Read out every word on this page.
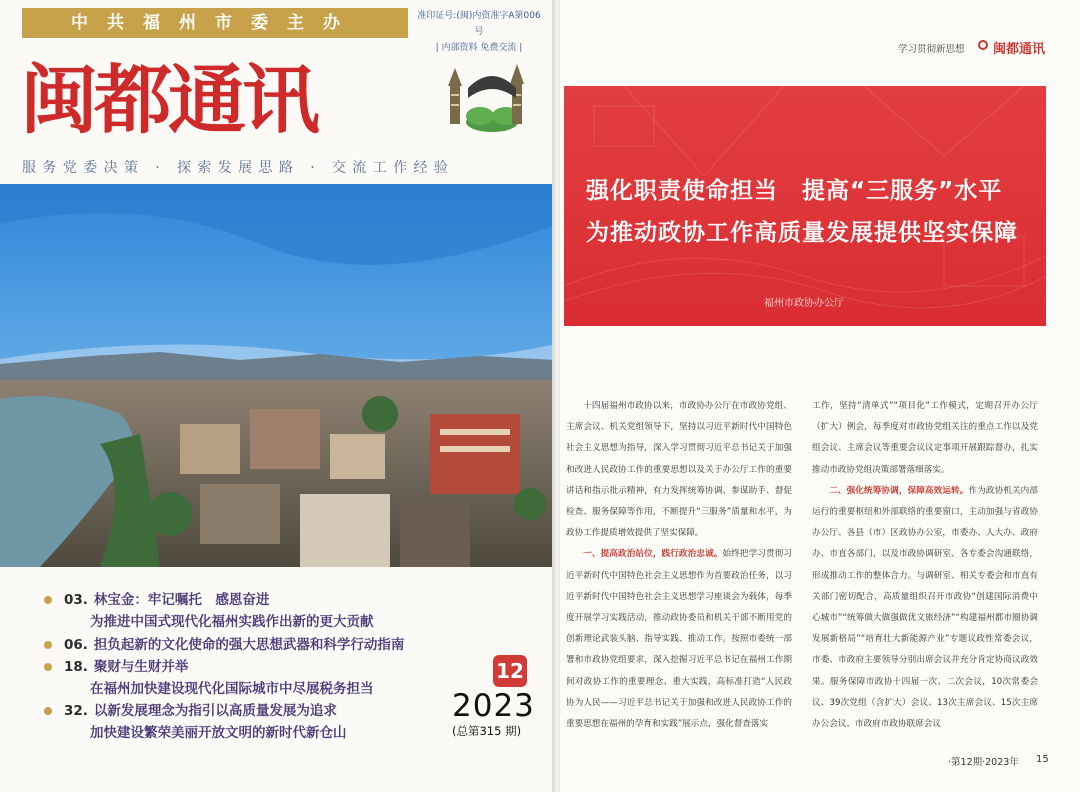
中共福州市委主办	准印证号:(闽)内资准字A第006号
| 内部资料 免费交流 |
闽都通讯
服务党委决策 · 探索发展思路 · 交流工作经验
03. 林宝金：牢记嘱托　感恩奋进
为推进中国式现代化福州实践作出新的更大贡献
06. 担负起新的文化使命的强大思想武器和科学行动指南
18. 聚财与生财并举
在福州加快建设现代化国际城市中尽展税务担当
32. 以新发展理念为指引以高质量发展为追求
加快建设繁荣美丽开放文明的新时代新仓山
12
2023
(总第315 期)
学习贯彻新思想 ○ 闽都通讯
强化职责使命担当　提高“三服务”水平
为推动政协工作高质量发展提供坚实保障
福州市政协办公厅

十四届福州市政协以来，市政协办公厅在市政协党组、主席会议、机关党组领导下，坚持以习近平新时代中国特色社会主义思想为指导，深入学习贯彻习近平总书记关于加强和改进人民政协工作的重要思想以及关于办公厅工作的重要讲话和指示批示精神，有力发挥统筹协调、参谋助手、督促检查、服务保障等作用，不断提升“三服务”质量和水平，为政协工作提质增效提供了坚实保障。

一、提高政治站位，践行政治忠诚。始终把学习贯彻习近平新时代中国特色社会主义思想作为首要政治任务，以习近平新时代中国特色社会主义思想学习座谈会为载体，每季度开展学习实践活动，推动政协委员和机关干部不断用党的创新理论武装头脑、指导实践、推动工作。按照市委统一部署和市政协党组要求，深入挖掘习近平总书记在福州工作期间对政协工作的重要理念、重大实践，高标准打造“人民政协为人民——习近平总书记关于加强和改进人民政协工作的重要思想在福州的孕育和实践”展示点，强化督查落实

工作，坚持“清单式”“项目化”工作模式，定期召开办公厅（扩大）例会，每季度对市政协党组关注的重点工作以及党组会议、主席会议等重要会议议定事项开展跟踪督办，扎实推动市政协党组决策部署落细落实。

二、强化统筹协调，保障高效运转。作为政协机关内部运行的重要枢纽和外部联络的重要窗口，主动加强与省政协办公厅、各县（市）区政协办公室，市委办、人大办、政府办、市直各部门，以及市政协调研室、各专委会沟通联络，形成推动工作的整体合力。与调研室、相关专委会和市直有关部门密切配合，高质量组织召开市政协“创建国际消费中心城市”“统筹做大做强做优文旅经济”“构建福州都市圈协调发展新格局”“培育壮大新能源产业”专题议政性常委会议，市委、市政府主要领导分别出席会议并充分肯定协商议政效果。服务保障市政协十四届一次、二次会议，10次常委会议、39次党组（含扩大）会议、13次主席会议、15次主席办公会议、市政府市政协联席会议

·第12期·2023年 15
